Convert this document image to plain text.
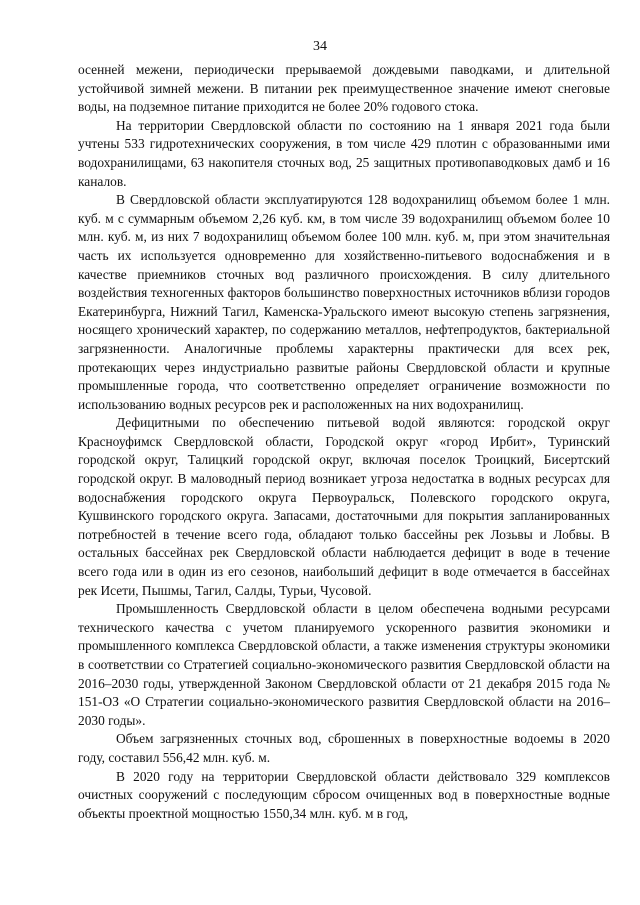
34

осенней межени, периодически прерываемой дождевыми паводками, и длительной устойчивой зимней межени. В питании рек преимущественное значение имеют снеговые воды, на подземное питание приходится не более 20% годового стока.

На территории Свердловской области по состоянию на 1 января 2021 года были учтены 533 гидротехнических сооружения, в том числе 429 плотин с образованными ими водохранилищами, 63 накопителя сточных вод, 25 защитных противопаводковых дамб и 16 каналов.

В Свердловской области эксплуатируются 128 водохранилищ объемом более 1 млн. куб. м с суммарным объемом 2,26 куб. км, в том числе 39 водохранилищ объемом более 10 млн. куб. м, из них 7 водохранилищ объемом более 100 млн. куб. м, при этом значительная часть их используется одновременно для хозяйственно-питьевого водоснабжения и в качестве приемников сточных вод различного происхождения. В силу длительного воздействия техногенных факторов большинство поверхностных источников вблизи городов Екатеринбурга, Нижний Тагил, Каменска-Уральского имеют высокую степень загрязнения, носящего хронический характер, по содержанию металлов, нефтепродуктов, бактериальной загрязненности. Аналогичные проблемы характерны практически для всех рек, протекающих через индустриально развитые районы Свердловской области и крупные промышленные города, что соответственно определяет ограничение возможности по использованию водных ресурсов рек и расположенных на них водохранилищ.

Дефицитными по обеспечению питьевой водой являются: городской округ Красноуфимск Свердловской области, Городской округ «город Ирбит», Туринский городской округ, Талицкий городской округ, включая поселок Троицкий, Бисертский городской округ. В маловодный период возникает угроза недостатка в водных ресурсах для водоснабжения городского округа Первоуральск, Полевского городского округа, Кушвинского городского округа. Запасами, достаточными для покрытия запланированных потребностей в течение всего года, обладают только бассейны рек Лозьвы и Лобвы. В остальных бассейнах рек Свердловской области наблюдается дефицит в воде в течение всего года или в один из его сезонов, наибольший дефицит в воде отмечается в бассейнах рек Исети, Пышмы, Тагил, Салды, Турьи, Чусовой.

Промышленность Свердловской области в целом обеспечена водными ресурсами технического качества с учетом планируемого ускоренного развития экономики и промышленного комплекса Свердловской области, а также изменения структуры экономики в соответствии со Стратегией социально-экономического развития Свердловской области на 2016–2030 годы, утвержденной Законом Свердловской области от 21 декабря 2015 года № 151-ОЗ «О Стратегии социально-экономического развития Свердловской области на 2016–2030 годы».

Объем загрязненных сточных вод, сброшенных в поверхностные водоемы в 2020 году, составил 556,42 млн. куб. м.

В 2020 году на территории Свердловской области действовало 329 комплексов очистных сооружений с последующим сбросом очищенных вод в поверхностные водные объекты проектной мощностью 1550,34 млн. куб. м в год,
